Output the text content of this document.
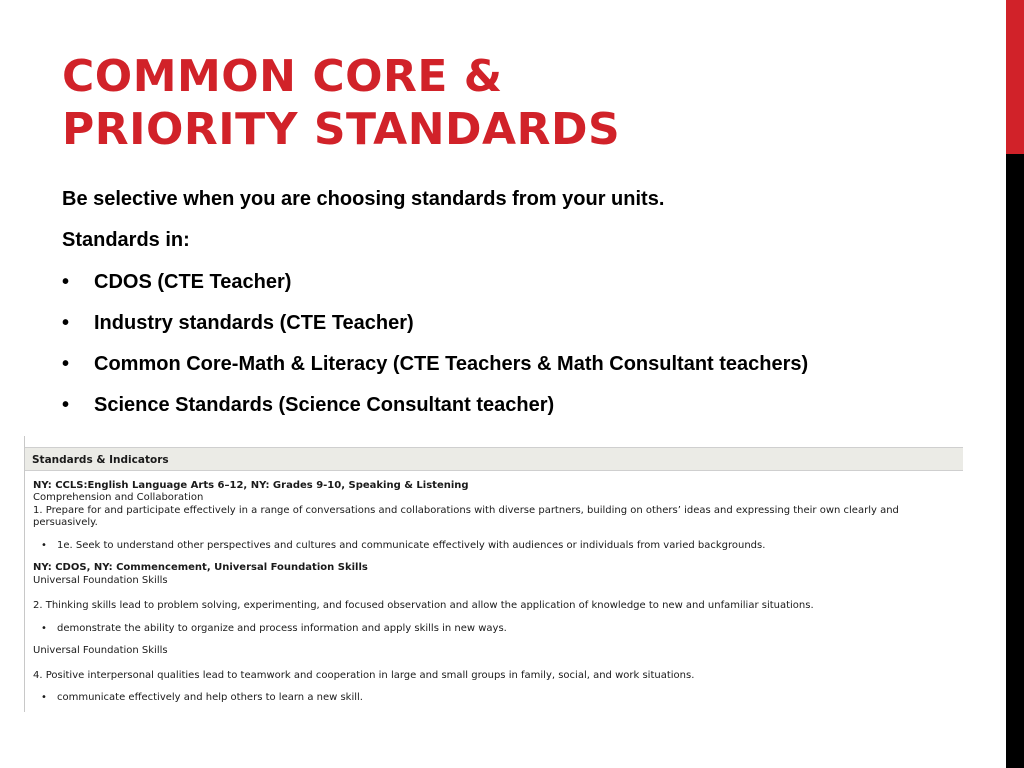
COMMON CORE &
PRIORITY STANDARDS

Be selective when you are choosing standards from your units.

Standards in:

• CDOS (CTE Teacher)
• Industry standards (CTE Teacher)
• Common Core-Math & Literacy (CTE Teachers & Math Consultant teachers)
• Science Standards (Science Consultant teacher)
Standards & Indicators
NY: CCLS:English Language Arts 6–12, NY: Grades 9-10, Speaking & Listening
Comprehension and Collaboration
1. Prepare for and participate effectively in a range of conversations and collaborations with diverse partners, building on others’ ideas and expressing their own clearly and
persuasively.
• 1e. Seek to understand other perspectives and cultures and communicate effectively with audiences or individuals from varied backgrounds.
NY: CDOS, NY: Commencement, Universal Foundation Skills
Universal Foundation Skills
2. Thinking skills lead to problem solving, experimenting, and focused observation and allow the application of knowledge to new and unfamiliar situations.
• demonstrate the ability to organize and process information and apply skills in new ways.
Universal Foundation Skills
4. Positive interpersonal qualities lead to teamwork and cooperation in large and small groups in family, social, and work situations.
• communicate effectively and help others to learn a new skill.
